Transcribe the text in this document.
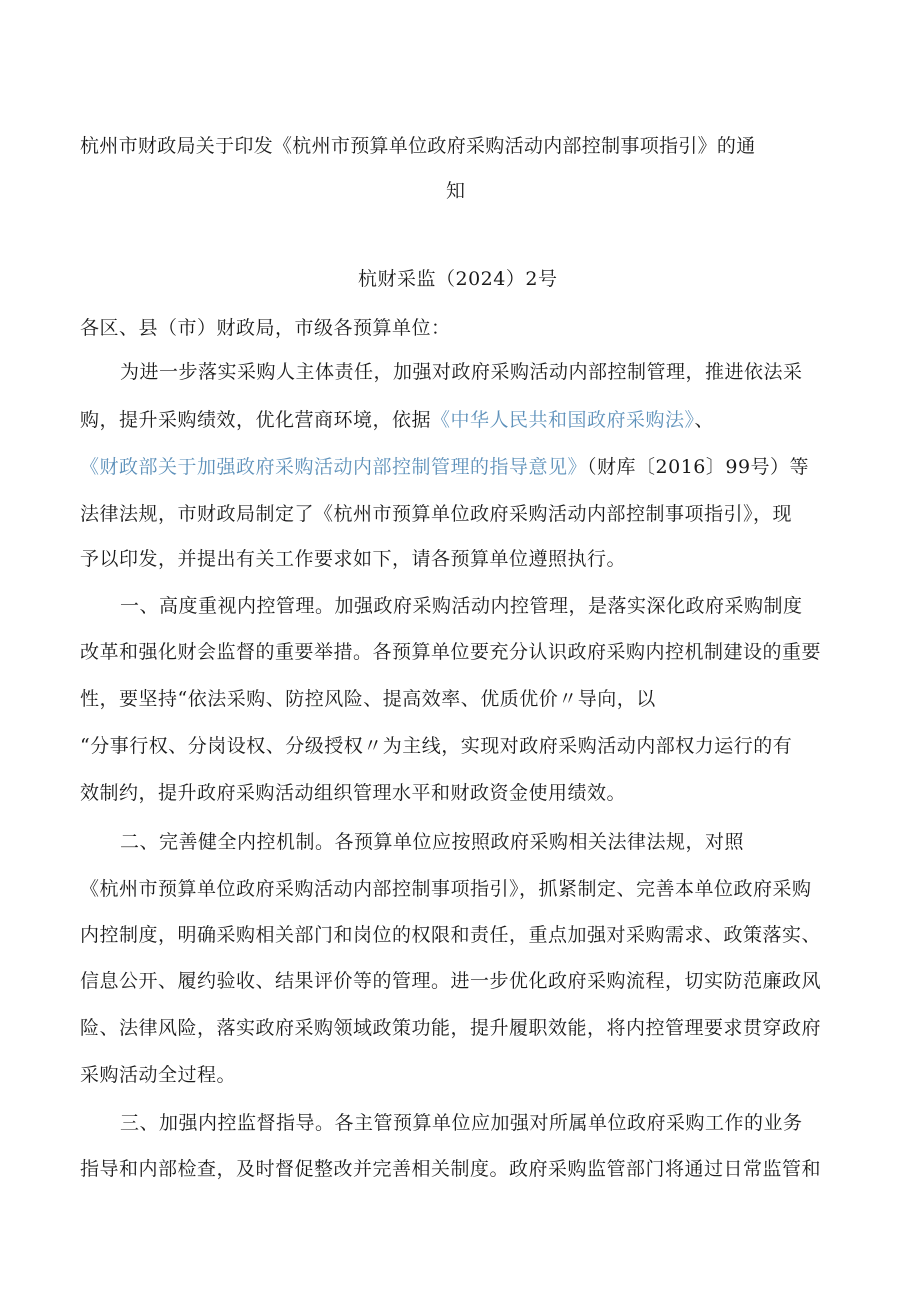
杭州市财政局关于印发《杭州市预算单位政府采购活动内部控制事项指引》的通
知
杭财采监（2024）2号
各区、县（市）财政局，市级各预算单位：
为进一步落实采购人主体责任，加强对政府采购活动内部控制管理，推进依法采
购，提升采购绩效，优化营商环境，依据《中华人民共和国政府采购法》、
《财政部关于加强政府采购活动内部控制管理的指导意见》（财库〔2016〕99号）等
法律法规，市财政局制定了《杭州市预算单位政府采购活动内部控制事项指引》，现
予以印发，并提出有关工作要求如下，请各预算单位遵照执行。
一、高度重视内控管理。加强政府采购活动内控管理，是落实深化政府采购制度
改革和强化财会监督的重要举措。各预算单位要充分认识政府采购内控机制建设的重要
性，要坚持“依法采购、防控风险、提高效率、优质优价〃导向，以
“分事行权、分岗设权、分级授权〃为主线，实现对政府采购活动内部权力运行的有
效制约，提升政府采购活动组织管理水平和财政资金使用绩效。
二、完善健全内控机制。各预算单位应按照政府采购相关法律法规，对照
《杭州市预算单位政府采购活动内部控制事项指引》，抓紧制定、完善本单位政府采购
内控制度，明确采购相关部门和岗位的权限和责任，重点加强对采购需求、政策落实、
信息公开、履约验收、结果评价等的管理。进一步优化政府采购流程，切实防范廉政风
险、法律风险，落实政府采购领域政策功能，提升履职效能，将内控管理要求贯穿政府
采购活动全过程。
三、加强内控监督指导。各主管预算单位应加强对所属单位政府采购工作的业务
指导和内部检查，及时督促整改并完善相关制度。政府采购监管部门将通过日常监管和
